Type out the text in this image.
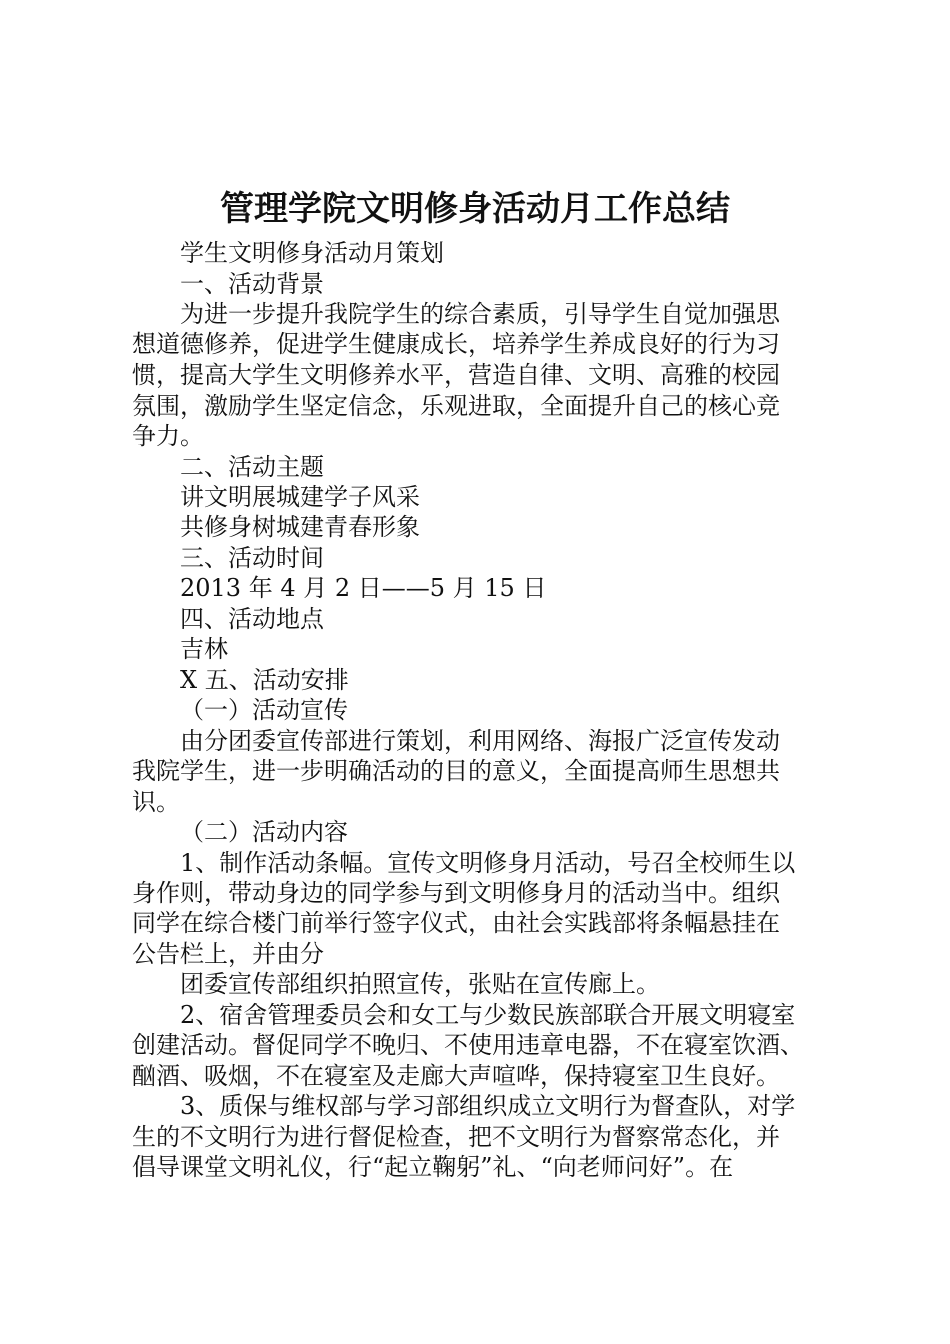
管理学院文明修身活动月工作总结
学生文明修身活动月策划
一、活动背景
为进一步提升我院学生的综合素质，引导学生自觉加强思
想道德修养，促进学生健康成长，培养学生养成良好的行为习
惯，提高大学生文明修养水平，营造自律、文明、高雅的校园
氛围，激励学生坚定信念，乐观进取，全面提升自己的核心竞
争力。
二、活动主题
讲文明展城建学子风采
共修身树城建青春形象
三、活动时间
2013 年 4 月 2 日——5 月 15 日
四、活动地点
吉林
X 五、活动安排
（一）活动宣传
由分团委宣传部进行策划，利用网络、海报广泛宣传发动
我院学生，进一步明确活动的目的意义，全面提高师生思想共
识。
（二）活动内容
1、制作活动条幅。宣传文明修身月活动，号召全校师生以
身作则，带动身边的同学参与到文明修身月的活动当中。组织
同学在综合楼门前举行签字仪式，由社会实践部将条幅悬挂在
公告栏上，并由分
团委宣传部组织拍照宣传，张贴在宣传廊上。
2、宿舍管理委员会和女工与少数民族部联合开展文明寝室
创建活动。督促同学不晚归、不使用违章电器，不在寝室饮酒、
酗酒、吸烟，不在寝室及走廊大声喧哗，保持寝室卫生良好。
3、质保与维权部与学习部组织成立文明行为督查队，对学
生的不文明行为进行督促检查，把不文明行为督察常态化，并
倡导课堂文明礼仪，行“起立鞠躬”礼、“向老师问好”。在
